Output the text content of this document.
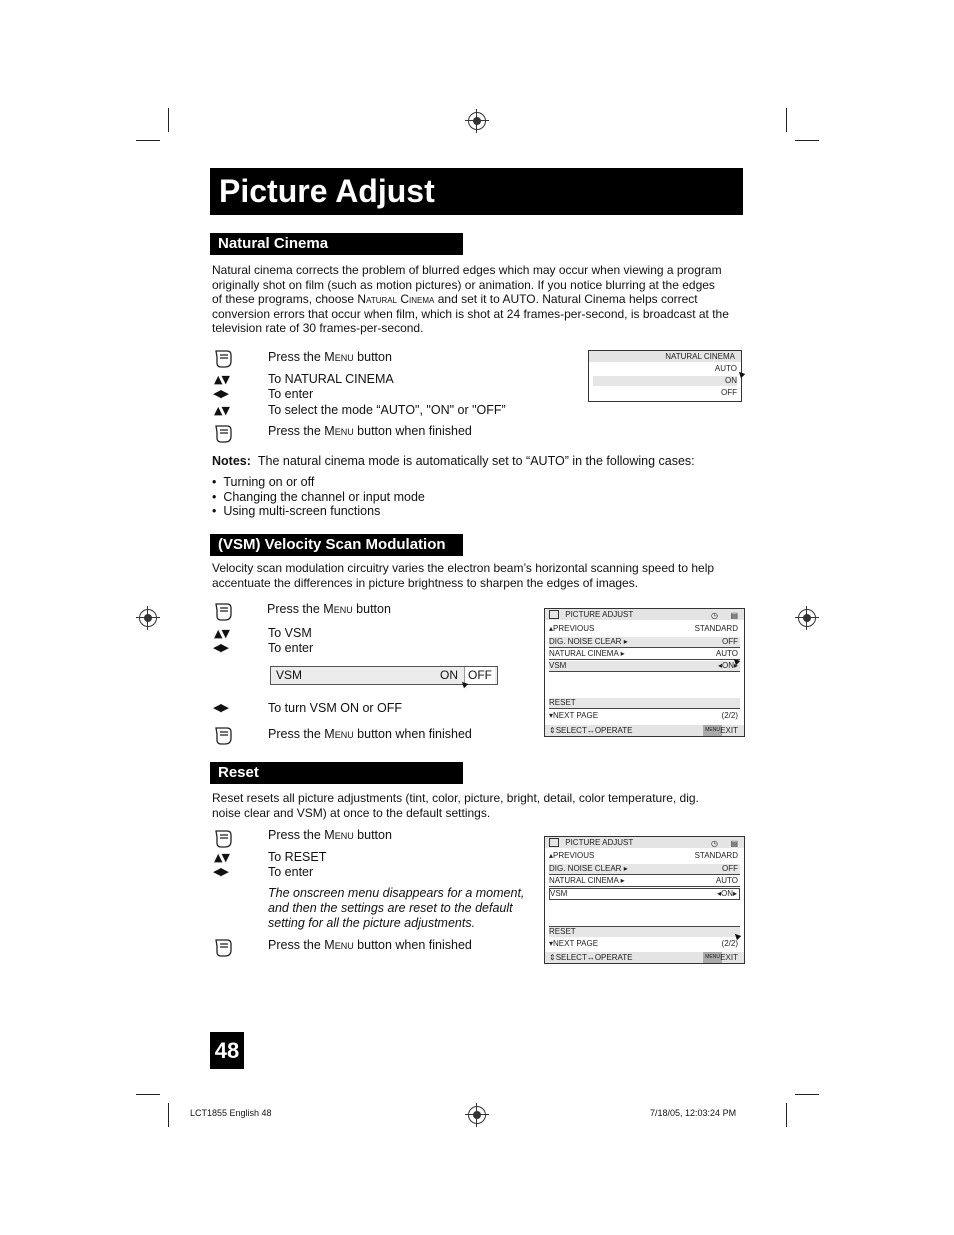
Picture Adjust
Natural Cinema
Natural cinema corrects the problem of blurred edges which may occur when viewing a program
originally shot on film (such as motion pictures) or animation. If you notice blurring at the edges
of these programs, choose Natural Cinema and set it to AUTO. Natural Cinema helps correct
conversion errors that occur when film, which is shot at 24 frames-per-second, is broadcast at the
television rate of 30 frames-per-second.
Press the Menu button
▲▼	To NATURAL CINEMA
◀▶	To enter
▲▼	To select the mode “AUTO", "ON" or "OFF”
Press the Menu button when finished
NATURAL CINEMA
AUTO
ON
OFF
Notes: The natural cinema mode is automatically set to “AUTO” in the following cases:
•  Turning on or off
•  Changing the channel or input mode
•  Using multi-screen functions
(VSM) Velocity Scan Modulation
Velocity scan modulation circuitry varies the electron beam’s horizontal scanning speed to help
accentuate the differences in picture brightness to sharpen the edges of images.
Press the Menu button
▲▼	To VSM
◀▶	To enter
VSM	ON OFF
◀▶	To turn VSM ON or OFF
Press the Menu button when finished
PICTURE ADJUST	◷ ▤
▴PREVIOUS	STANDARD
DIG. NOISE CLEAR ▸	OFF
NATURAL CINEMA ▸	AUTO
VSM	◂ON▸
RESET
▾NEXT PAGE	(2/2)
⇕SELECT↔OPERATE	MENU EXIT
Reset
Reset resets all picture adjustments (tint, color, picture, bright, detail, color temperature, dig.
noise clear and VSM) at once to the default settings.
Press the Menu button
▲▼	To RESET
◀▶	To enter
The onscreen menu disappears for a moment,
and then the settings are reset to the default
setting for all the picture adjustments.
Press the Menu button when finished
PICTURE ADJUST	◷ ▤
▴PREVIOUS	STANDARD
DIG. NOISE CLEAR ▸	OFF
NATURAL CINEMA ▸	AUTO
VSM	◂ON▸
RESET
▾NEXT PAGE	(2/2)
⇕SELECT↔OPERATE	MENU EXIT
48
LCT1855 English 48	7/18/05, 12:03:24 PM
